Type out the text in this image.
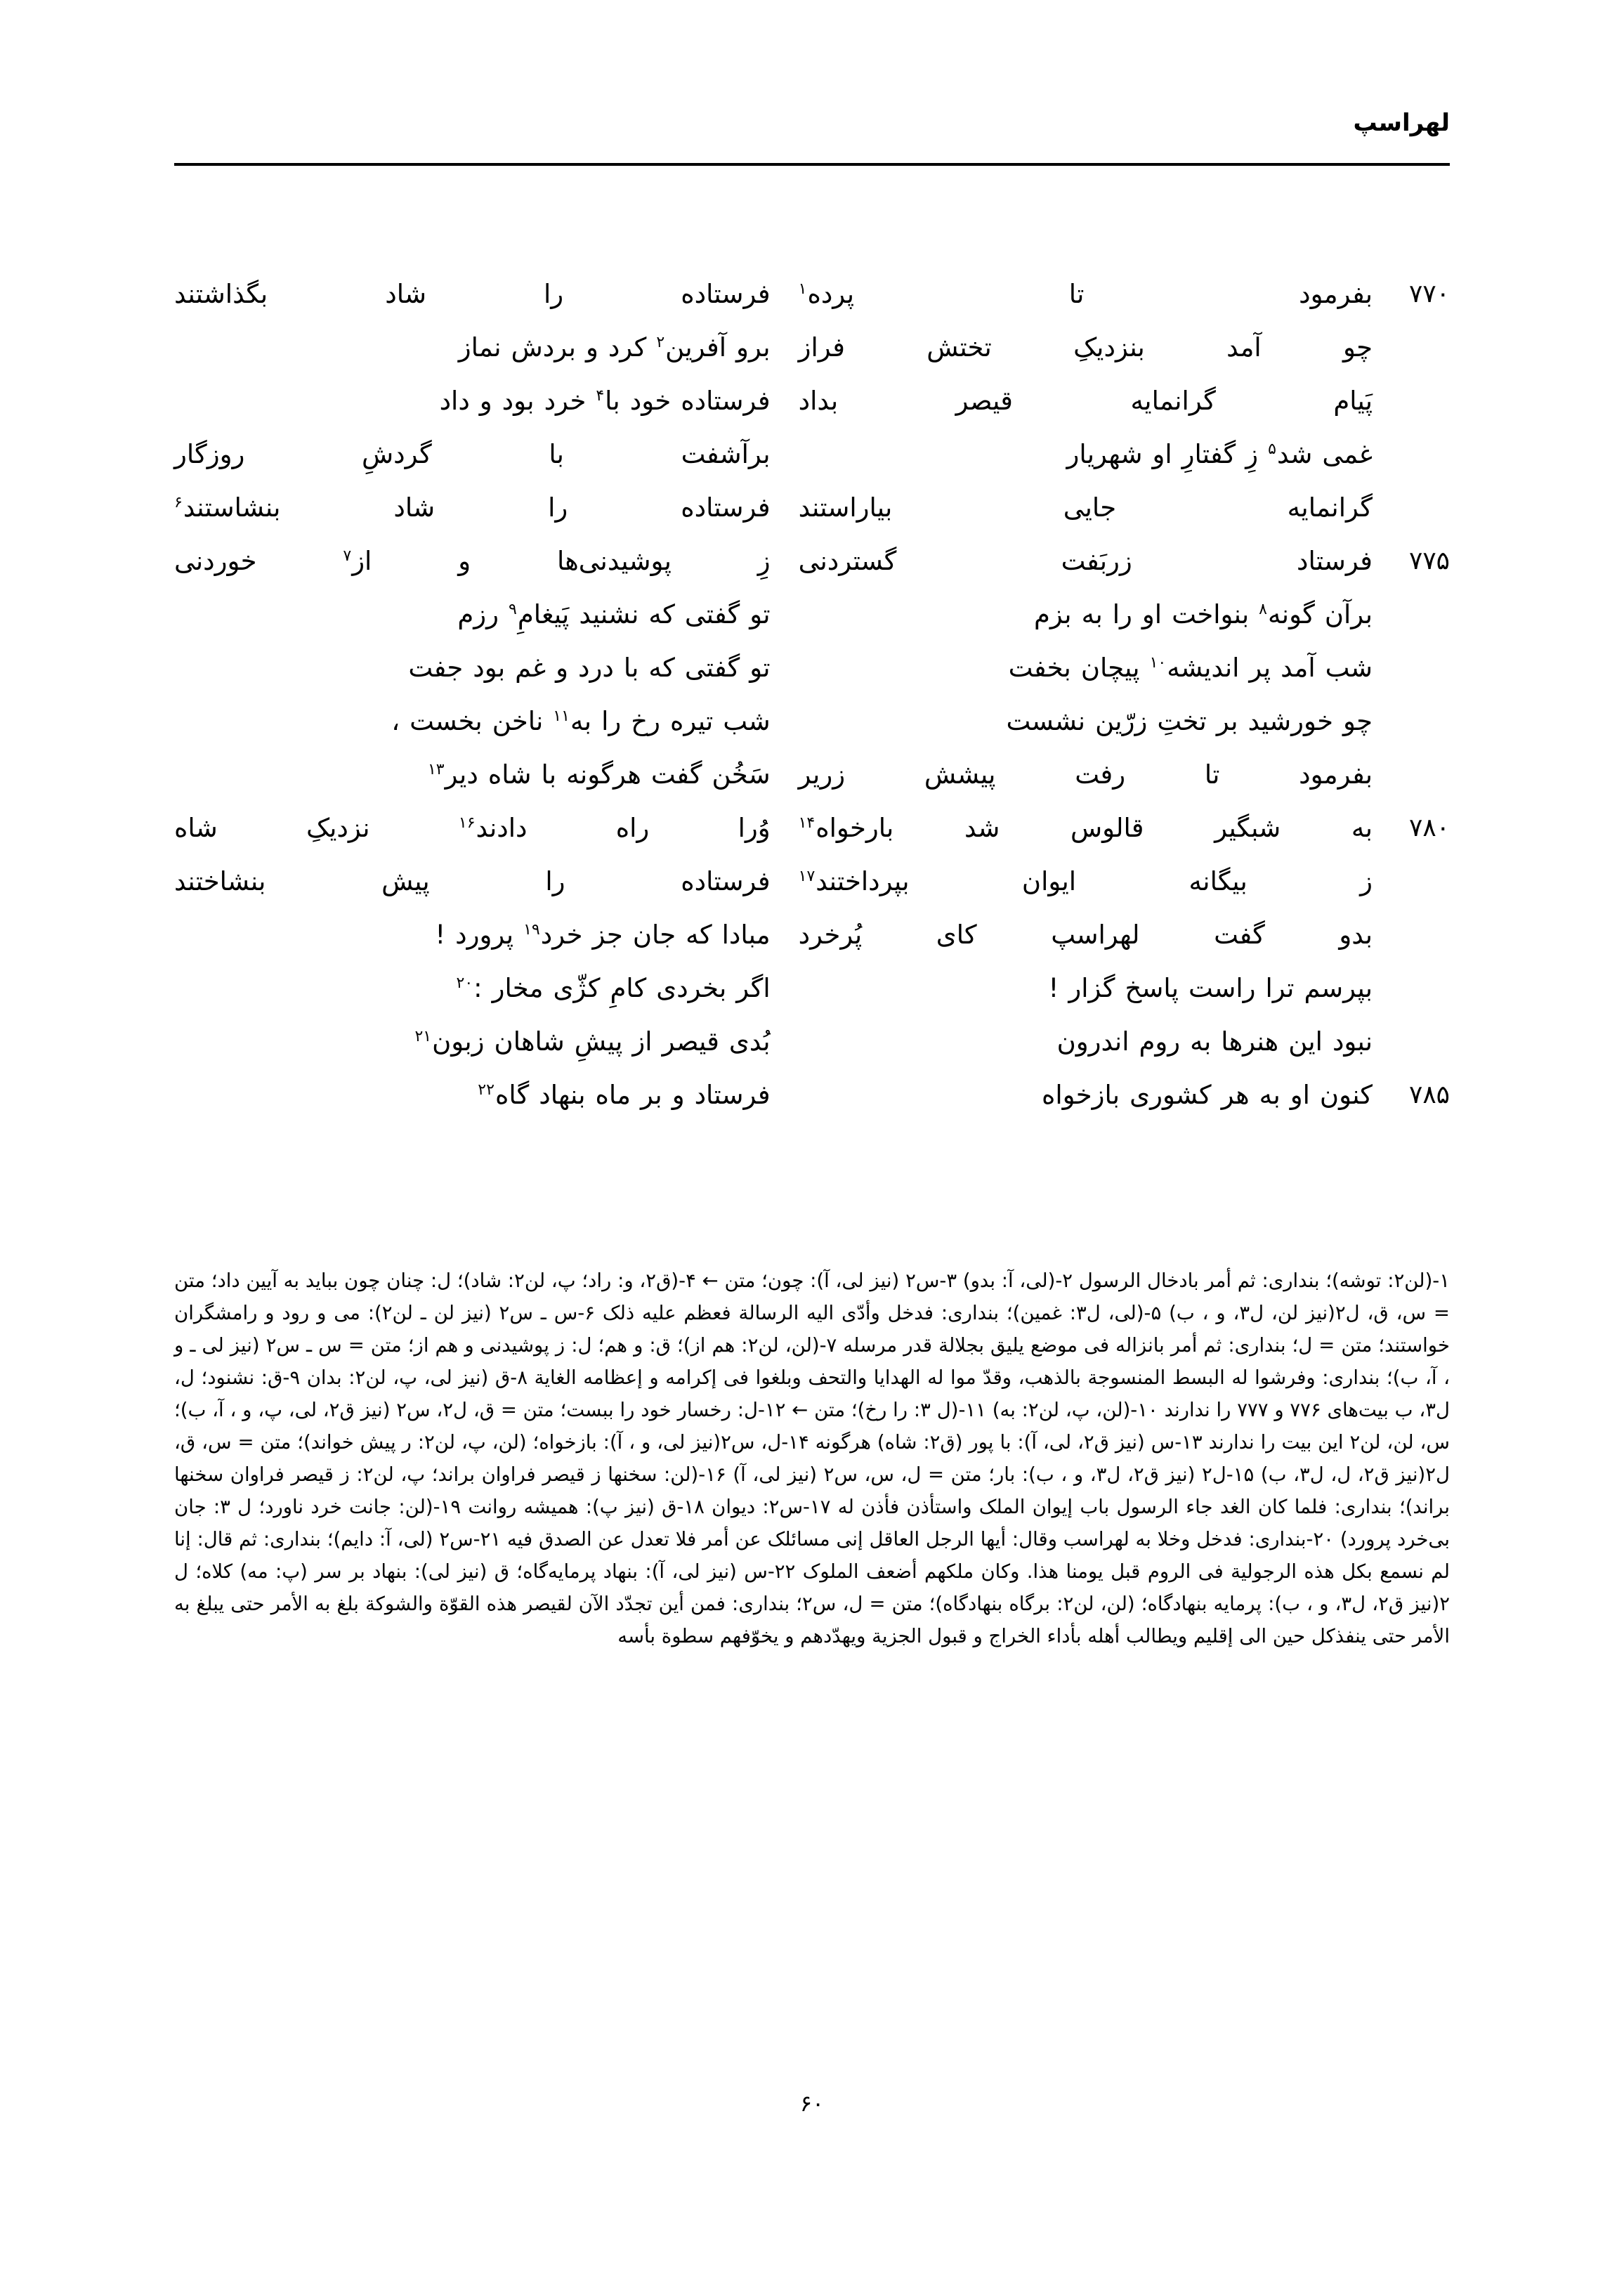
لهراسپ
۷۷۰
بفرمود
تا
پرده$^۱$
فرستاده
را
شاد
بگذاشتند
چو
آمد
بنزدیکِ
تختش
فراز
برو
آفرین$^۲$
کرد
و
بردش
نماز
پَیام
گرانمایه
قیصر
بداد
فرستاده
خود
با$^۴$
خرد
بود
و
داد
غمی
شد$^۵$
زِ
گفتارِ
او
شهریار
برآشفت
با
گردشِ
روزگار
گرانمایه
جایی
بیاراستند
فرستاده
را
شاد
بنشاستند$^۶$
۷۷۵
فرستاد
زربَفت
گستردنی
زِ
پوشیدنی‌ها
و
از$^۷$
خوردنی
برآن
گونه$^۸$
بنواخت
او
را
به
بزم
تو
گفتی
که
نشنید
پَیغامِ$^۹$
رزم
شب
آمد
پر
اندیشه$^{۱۰}$
پیچان
بخفت
تو
گفتی
که
با
درد
و
غم
بود
جفت
چو
خورشید
بر
تختِ
زرّین
نشست
شب
تیره
رخ
را
به$^{۱۱}$
ناخن
بخست
،
بفرمود
تا
رفت
پیشش
زریر
سَخُن
گفت
هرگونه
با
شاه
دیر$^{۱۳}$
۷۸۰
به
شبگیر
قالوس
شد
بارخواه$^{۱۴}$
وُرا
راه
دادند$^{۱۶}$
نزدیکِ
شاه
ز
بیگانه
ایوان
بپرداختند$^{۱۷}$
فرستاده
را
پیش
بنشاختند
بدو
گفت
لهراسپ
کای
پُرخرد
مبادا
که
جان
جز
خرد$^{۱۹}$
پرورد
!
بپرسم
ترا
راست
پاسخ
گزار
!
اگر
بخردی
کامِ
کژّی
مخار
:$^{۲۰}$
نبود
این
هنرها
به
روم
اندرون
بُدی
قیصر
از
پیشِ
شاهان
زبون$^{۲۱}$
۷۸۵
کنون
او
به
هر
کشوری
بازخواه
فرستاد
و
بر
ماه
بنهاد
گاه$^{۲۲}$

۱-(لن۲: توشه)؛ بنداری: ثم أمر بادخال الرسول ۲-(لی، آ: بدو) ۳-س۲ (نیز لی، آ): چون؛ متن ← ۴-(ق۲، و: راد؛ پ، لن۲: شاد)؛ ل: چنان چون بباید به آیین داد؛ متن = س، ق، ل۲(نیز لن، ل۳، و ، ب) ۵-(لی، ل۳: غمین)؛ بنداری: فدخل وأدّی الیه الرسالة فعظم علیه ذلک ۶-س ـ س۲ (نیز لن ـ لن۲): می و رود و رامشگران خواستند؛ متن = ل؛ بنداری: ثم أمر بانزاله فی موضع یلیق بجلالة قدر مرسله ۷-(لن، لن۲: هم از)؛ ق: و هم؛ ل: ز پوشیدنی و هم از؛ متن = س ـ س۲ (نیز لی ـ و ، آ، ب)؛ بنداری: وفرشوا له البسط المنسوجة بالذهب، وقدّ موا له الهدایا والتحف وبلغوا فی إکرامه و إعظامه الغایة ۸-ق (نیز لی، پ، لن۲: بدان ۹-ق: نشنود؛ ل، ل۳، ب بیت‌های ۷۷۶ و ۷۷۷ را ندارند ۱۰-(لن، پ، لن۲: به) ۱۱-(ل ۳: را رخ)؛ متن ← ۱۲-ل: رخسار خود را ببست؛ متن = ق، ل۲، س۲ (نیز ق۲، لی، پ، و ، آ، ب)؛ س، لن، لن۲ این بیت را ندارند ۱۳-س (نیز ق۲، لی، آ): با پور (ق۲: شاه) هرگونه ۱۴-ل، س۲(نیز لی، و ، آ): بازخواه؛ (لن، پ، لن۲: ر پیش خواند)؛ متن = س، ق، ل۲(نیز ق۲، ل، ل۳، ب) ۱۵-ل۲ (نیز ق۲، ل۳، و ، ب): بار؛ متن = ل، س، س۲ (نیز لی، آ) ۱۶-(لن: سخنها ز قیصر فراوان براند؛ پ، لن۲: ز قیصر فراوان سخنها براند)؛ بنداری: فلما کان الغد جاء الرسول باب إیوان الملک واستأذن فأذن له ۱۷-س۲: دیوان ۱۸-ق (نیز پ): همیشه روانت ۱۹-(لن: جانت خرد ناورد؛ ل ۳: جان بی‌خرد پرورد) ۲۰-بنداری: فدخل وخلا به لهراسب وقال: أیها الرجل العاقل إنی مسائلک عن أمر فلا تعدل عن الصدق فیه ۲۱-س۲ (لی، آ: دایم)؛ بنداری: ثم قال: إنا لم نسمع بکل هذه الرجولیة فی الروم قبل یومنا هذا. وکان ملکهم أضعف الملوک ۲۲-س (نیز لی، آ): بنهاد پرمایه‌گاه؛ ق (نیز لی): بنهاد بر سر (پ: مه) کلاه؛ ل ۲(نیز ق۲، ل۳، و ، ب): پرمایه بنهادگاه؛ (لن، لن۲: برگاه بنهادگاه)؛ متن = ل، س۲؛ بنداری: فمن أین تجدّد الآن لقیصر هذه القوّة والشوکة بلغ به الأمر حتی یبلغ به الأمر حتی ینفذکل حین الی إقلیم ویطالب أهله بأداء الخراج و قبول الجزیة ویهدّدهم و یخوّفهم سطوة بأسه

۶۰
